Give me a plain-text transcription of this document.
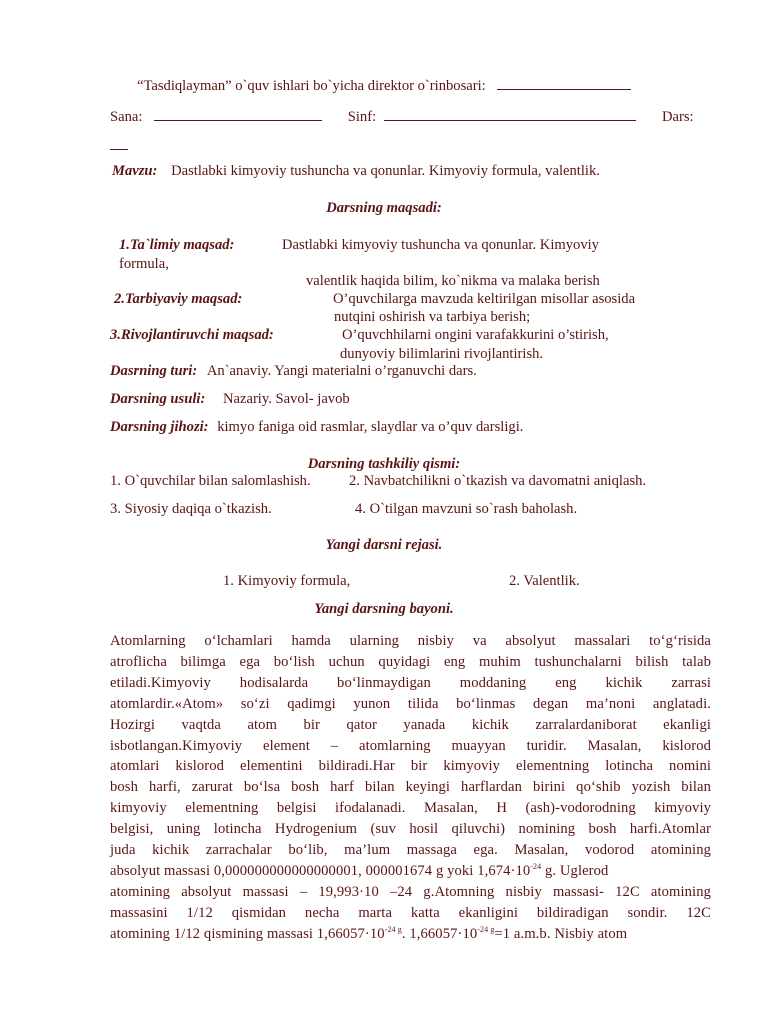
“Tasdiqlayman” o`quv ishlari bo`yicha direktor o`rinbosari:
Sana:	Sinf:	Dars:
Mavzu: Dastlabki kimyoviy tushuncha va qonunlar. Kimyoviy formula, valentlik.
Darsning maqsadi:
1.Ta`limiy maqsad:	Dastlabki kimyoviy tushuncha va qonunlar. Kimyoviy
formula,
valentlik haqida bilim, ko`nikma va malaka berish
2.Tarbiyaviy maqsad:	O’quvchilarga mavzuda keltirilgan misollar asosida
nutqini oshirish va tarbiya berish;
3.Rivojlantiruvchi maqsad:	O’quvchhilarni ongini varafakkurini o’stirish,
dunyoviy bilimlarini rivojlantirish.
Dasrning turi: An`anaviy. Yangi materialni o’rganuvchi dars.
Darsning usuli: Nazariy. Savol- javob
Darsning jihozi: kimyo faniga oid rasmlar, slaydlar va o’quv darsligi.
Darsning tashkiliy qismi:
1. O`quvchilar bilan salomlashish.	2. Navbatchilikni o`tkazish va davomatni aniqlash.
3. Siyosiy daqiqa o`tkazish.	4. O`tilgan mavzuni so`rash baholash.
Yangi darsni rejasi.
1. Kimyoviy formula,	2. Valentlik.
Yangi darsning bayoni.
Atomlarning o‘lchamlari hamda ularning nisbiy va absolyut massalari to‘g‘risida
atroflicha bilimga ega bo‘lish uchun quyidagi eng muhim tushunchalarni bilish talab
etiladi.Kimyoviy hodisalarda bo‘linmaydigan moddaning eng kichik zarrasi
atomlardir.«Atom» so‘zi qadimgi yunon tilida bo‘linmas degan ma’noni anglatadi.
Hozirgi vaqtda atom bir qator yanada kichik zarralardaniborat ekanligi
isbotlangan.Kimyoviy element – atomlarning muayyan turidir. Masalan, kislorod
atomlari kislorod elementini bildiradi.Har bir kimyoviy elementning lotincha nomini
bosh harfi, zarurat bo‘lsa bosh harf bilan keyingi harflardan birini qo‘shib yozish bilan
kimyoviy elementning belgisi ifodalanadi. Masalan, H (ash)-vodorodning kimyoviy
belgisi, uning lotincha Hydrogenium (suv hosil qiluvchi) nomining bosh harfi.Atomlar
juda kichik zarrachalar bo‘lib, ma’lum massaga ega. Masalan, vodorod atomining
absolyut massasi 0,000000000000000001, 000001674 g yoki $1,674\cdot 10^{-24}$ g. Uglerod
atomining absolyut massasi – 19,993·10 –24 g.Atomning nisbiy massasi- 12C atomining
massasini 1/12 qismidan necha marta katta ekanligini bildiradigan sondir. 12C
atomining 1/12 qismining massasi $1,66057\cdot 10^{-24 g}$. $1,66057\cdot 10^{-24 g}=1$ a.m.b. Nisbiy atom
